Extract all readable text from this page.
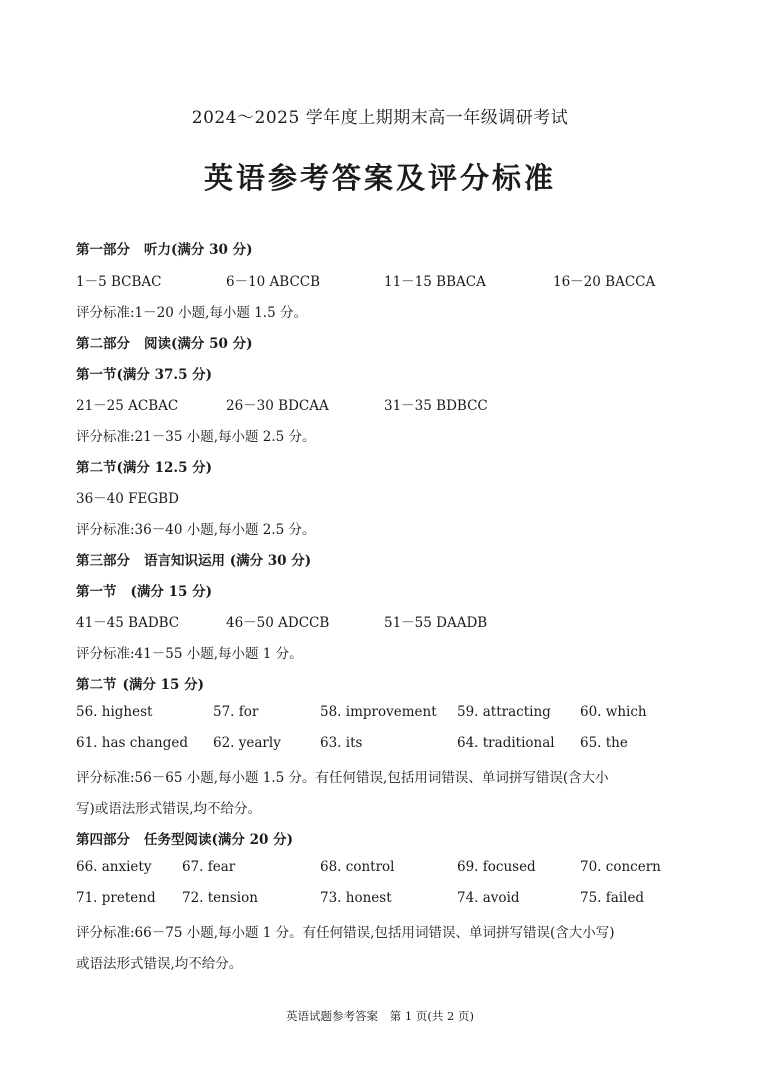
2024～2025 学年度上期期末高一年级调研考试
英语参考答案及评分标准
第一部分 听力(满分 30 分)
1－5 BCBAC	6－10 ABCCB	11－15 BBACA	16－20 BACCA
评分标准:1－20 小题,每小题 1.5 分。
第二部分 阅读(满分 50 分)
第一节(满分 37.5 分)
21－25 ACBAC	26－30 BDCAA	31－35 BDBCC
评分标准:21－35 小题,每小题 2.5 分。
第二节(满分 12.5 分)
36－40 FEGBD
评分标准:36－40 小题,每小题 2.5 分。
第三部分 语言知识运用 (满分 30 分)
第一节 (满分 15 分)
41－45 BADBC	46－50 ADCCB	51－55 DAADB
评分标准:41－55 小题,每小题 1 分。
第二节 (满分 15 分)
56. highest	57. for	58. improvement 59. attracting 60. which
61. has changed 62. yearly	63. its	64. traditional 65. the
评分标准:56－65 小题,每小题 1.5 分。有任何错误,包括用词错误、单词拼写错误(含大小
写)或语法形式错误,均不给分。
第四部分 任务型阅读(满分 20 分)
66. anxiety 67. fear	68. control	69. focused	70. concern
71. pretend 72. tension	73. honest	74. avoid	75. failed
评分标准:66－75 小题,每小题 1 分。有任何错误,包括用词错误、单词拼写错误(含大小写)
或语法形式错误,均不给分。
英语试题参考答案 第 1 页(共 2 页)
